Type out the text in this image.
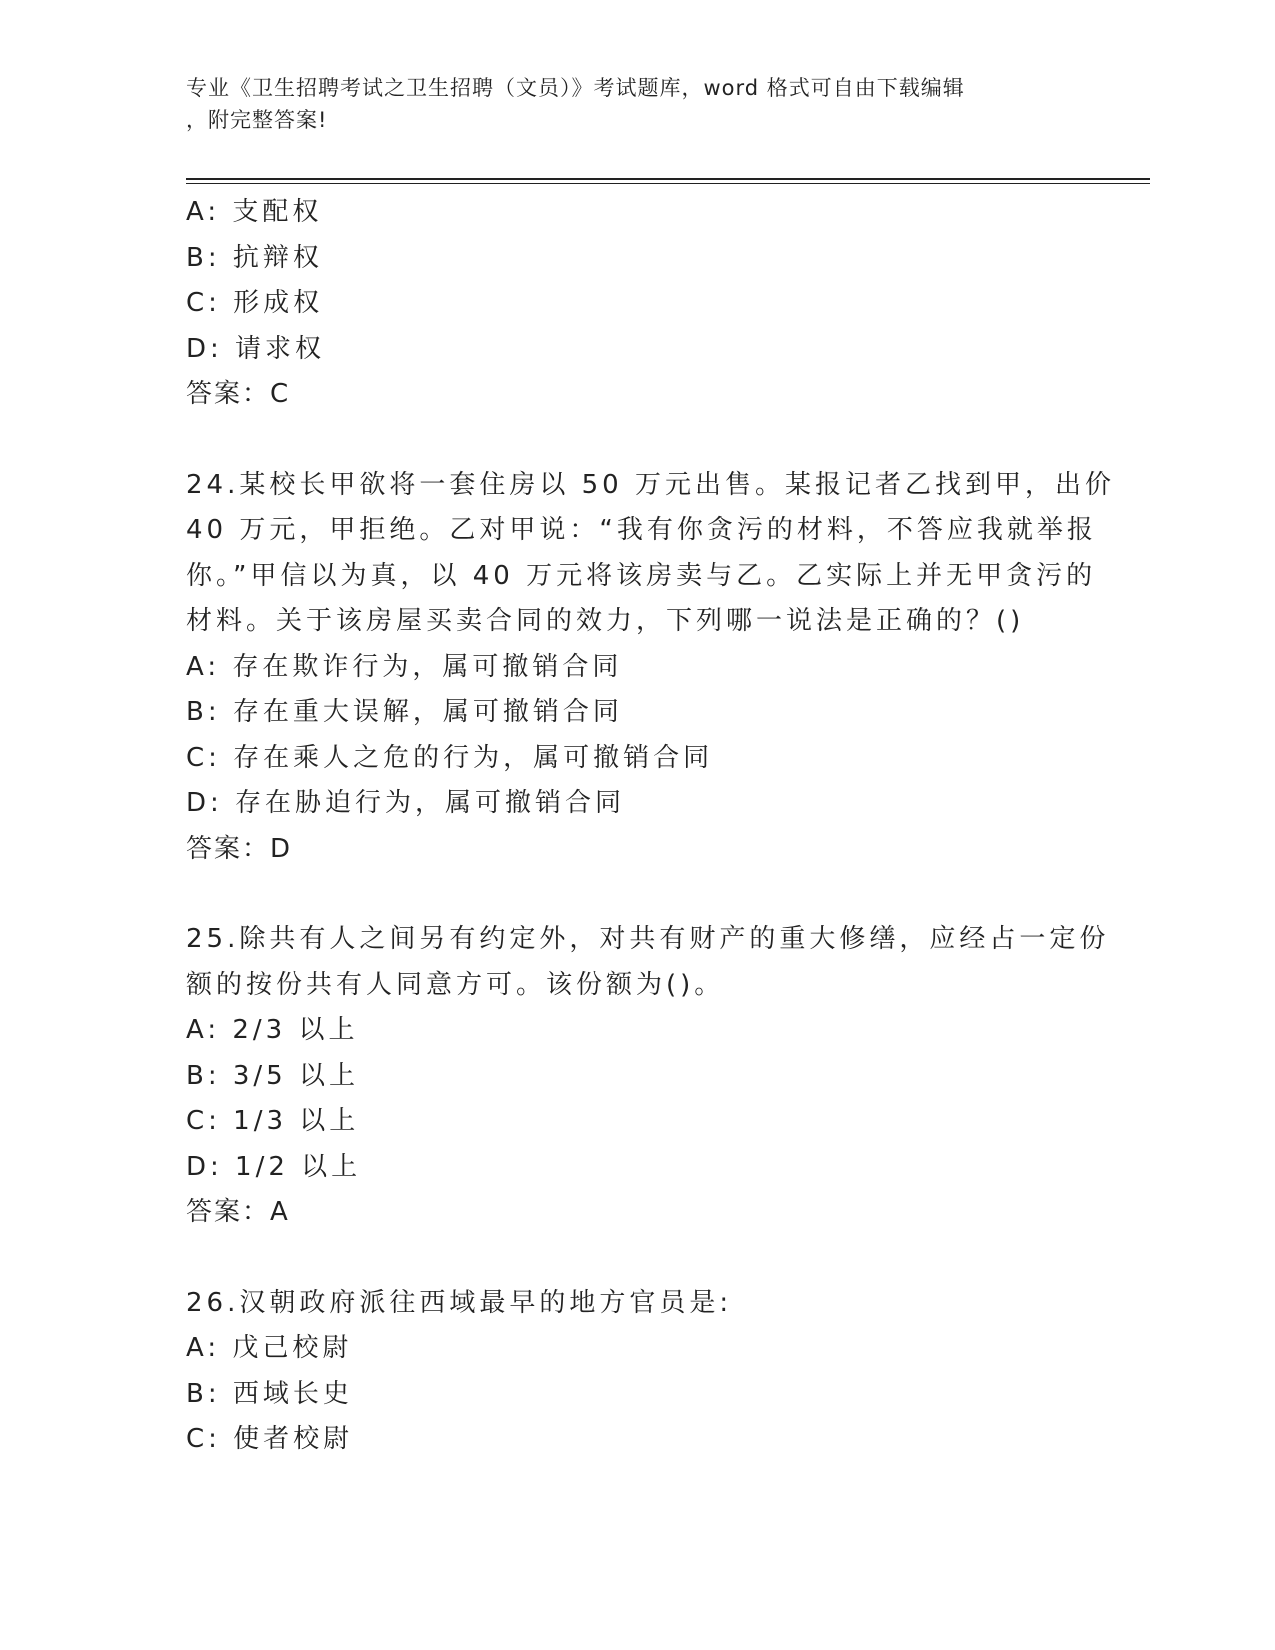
专业《卫生招聘考试之卫生招聘（文员）》考试题库，word 格式可自由下载编辑
，附完整答案!
A: 支配权
B: 抗辩权
C: 形成权
D: 请求权
答案：C
24.某校长甲欲将一套住房以 50 万元出售。某报记者乙找到甲，出价
40 万元，甲拒绝。乙对甲说：“我有你贪污的材料，不答应我就举报
你。”甲信以为真，以 40 万元将该房卖与乙。乙实际上并无甲贪污的
材料。关于该房屋买卖合同的效力，下列哪一说法是正确的？()
A: 存在欺诈行为，属可撤销合同
B: 存在重大误解，属可撤销合同
C: 存在乘人之危的行为，属可撤销合同
D: 存在胁迫行为，属可撤销合同
答案：D
25.除共有人之间另有约定外，对共有财产的重大修缮，应经占一定份
额的按份共有人同意方可。该份额为()。
A: 2/3 以上
B: 3/5 以上
C: 1/3 以上
D: 1/2 以上
答案：A
26.汉朝政府派往西域最早的地方官员是:
A: 戊己校尉
B: 西域长史
C: 使者校尉
